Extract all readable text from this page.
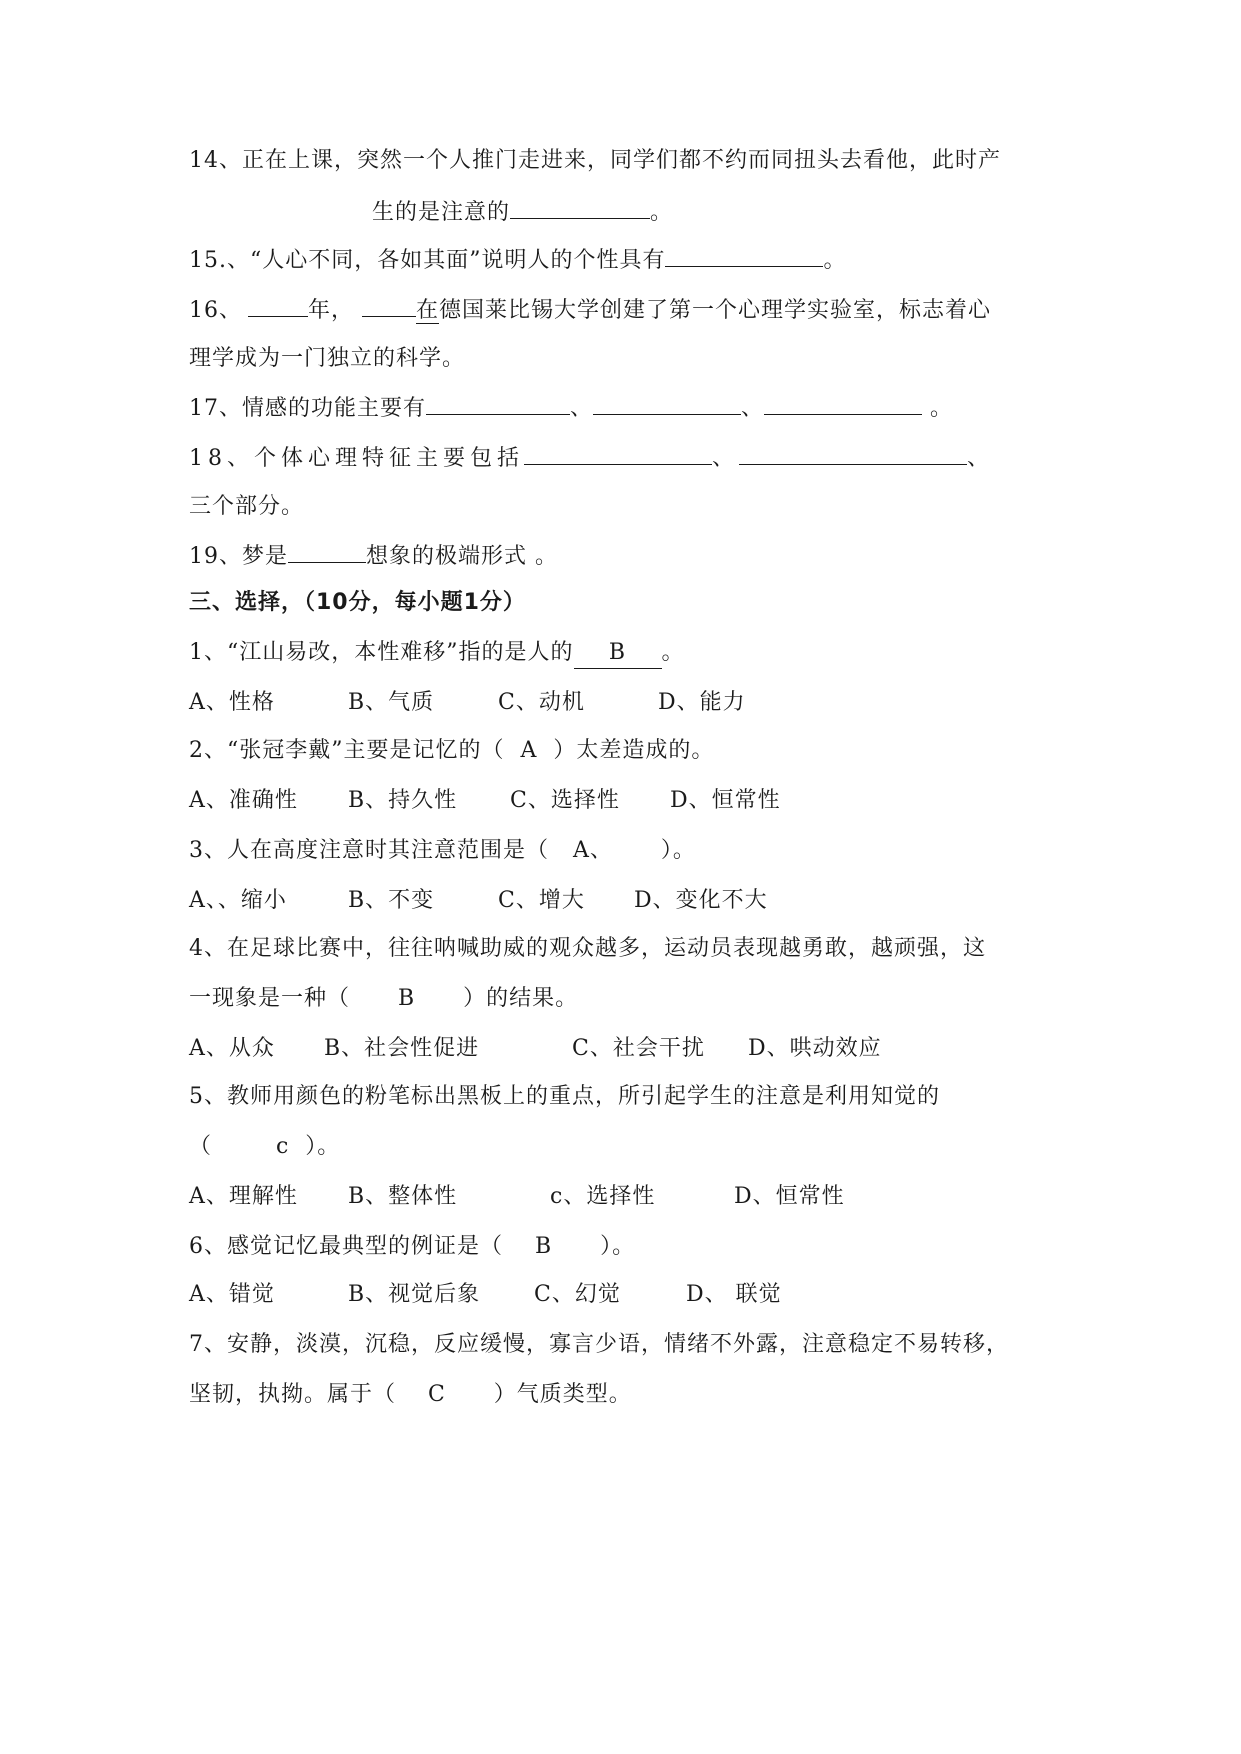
14、正在上课，突然一个人推门走进来，同学们都不约而同扭头去看他，此时产
生的是注意的	。
15.、“人心不同，各如其面”说明人的个性具有	。
16、	年，	在德国莱比锡大学创建了第一个心理学实验室，标志着心
理学成为一门独立的科学。
17、情感的功能主要有	、	、	。
18、个体心理特征主要包括	、	、
三个部分。
19、梦是	想象的极端形式 。
三、选择，（10分，每小题1分）
1、“江山易改，本性难移”指的是人的 B 。
A、性格	B、气质	C、动机	D、能力
2、“张冠李戴”主要是记忆的（  A  ）太差造成的。
A、准确性 B、持久性 C、选择性 D、恒常性
3、人在高度注意时其注意范围是（   A、      ）。
A、、缩小	B、不变	C、增大 D、变化不大
4、在足球比赛中，往往呐喊助威的观众越多，运动员表现越勇敢，越顽强，这
一现象是一种（      B      ）的结果。
A、从众 B、社会性促进	C、社会干扰 D、哄动效应
5、教师用颜色的粉笔标出黑板上的重点，所引起学生的注意是利用知觉的
（        c  ）。
A、理解性 B、整体性	c、选择性	D、恒常性
6、感觉记忆最典型的例证是（    B      ）。
A、错觉	B、视觉后象 C、幻觉	D、 联觉
7、安静，淡漠，沉稳，反应缓慢，寡言少语，情绪不外露，注意稳定不易转移，
坚韧，执拗。属于（    C      ）气质类型。
